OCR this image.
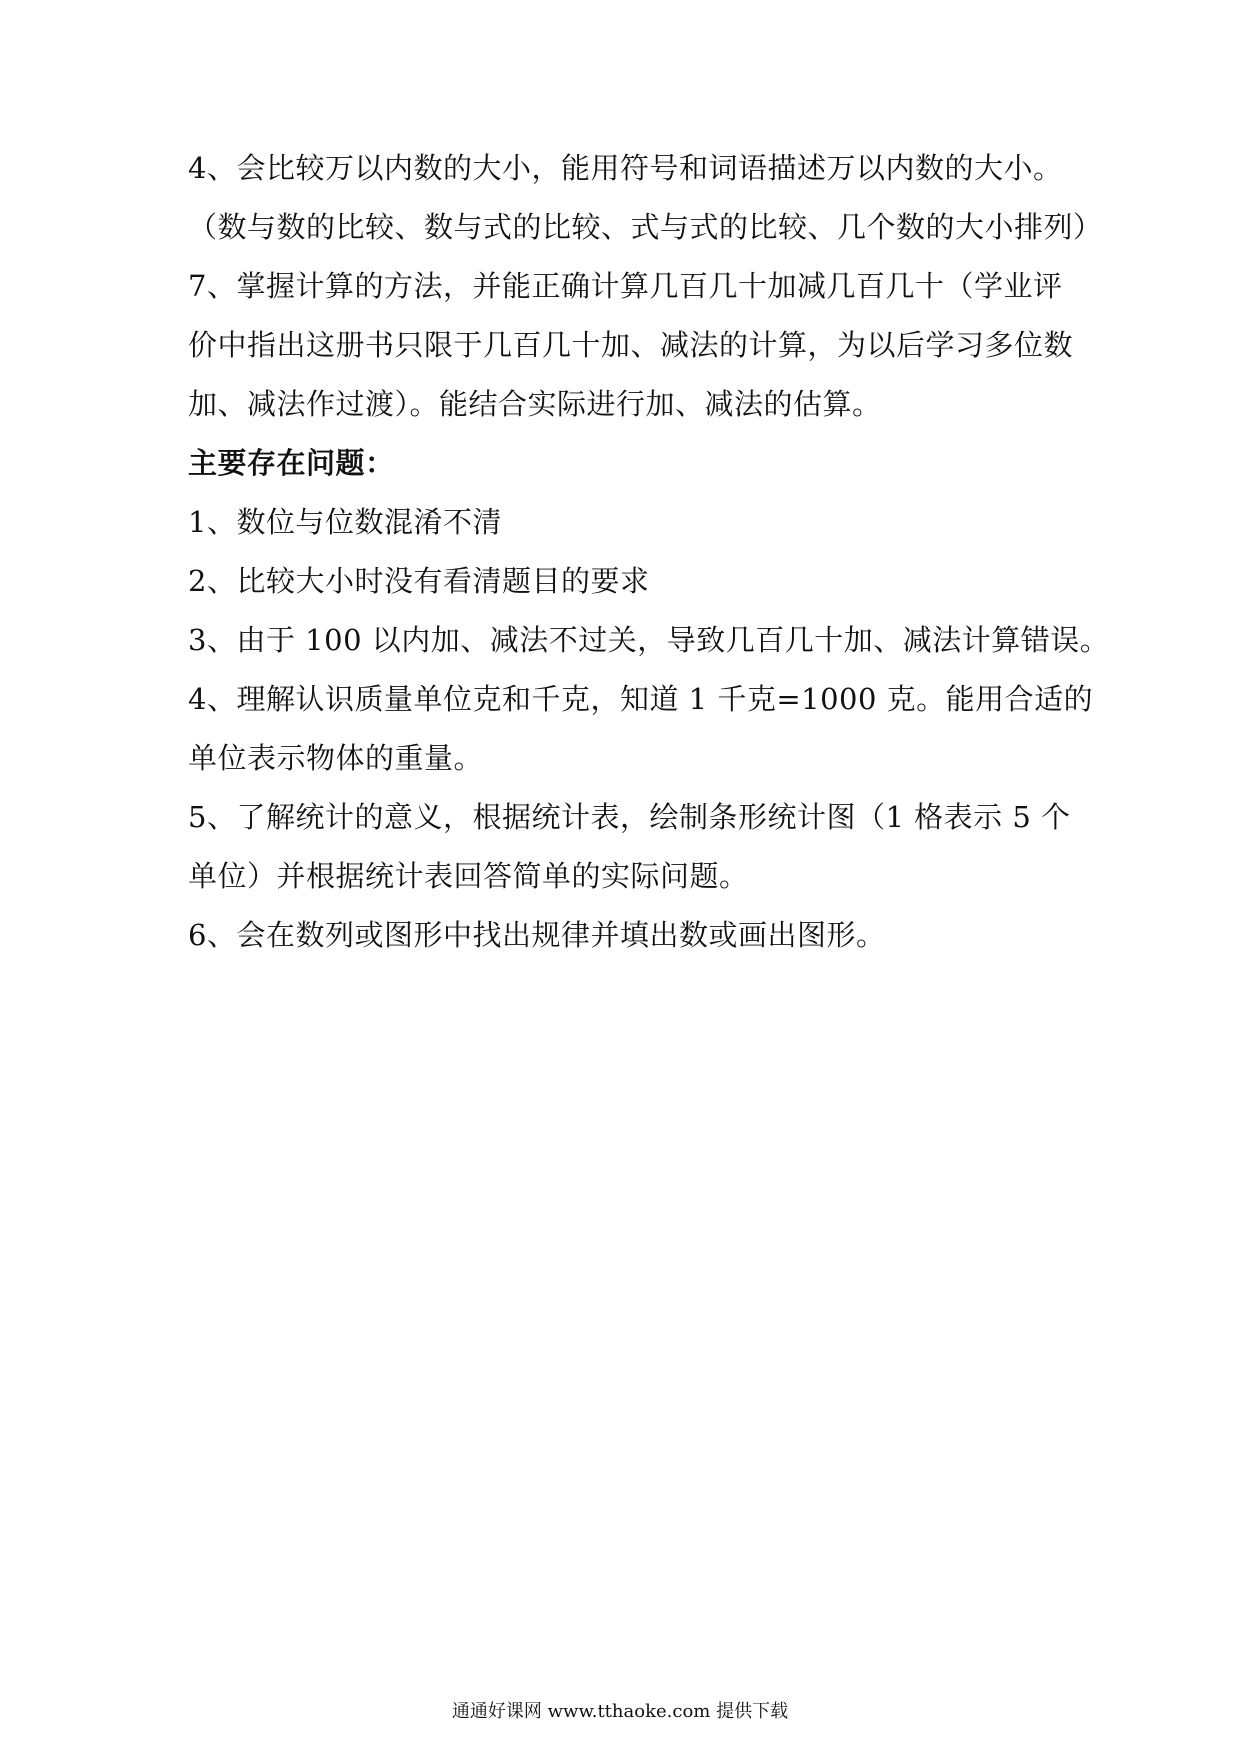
4、会比较万以内数的大小，能用符号和词语描述万以内数的大小。
（数与数的比较、数与式的比较、式与式的比较、几个数的大小排列）
7、掌握计算的方法，并能正确计算几百几十加减几百几十（学业评
价中指出这册书只限于几百几十加、减法的计算，为以后学习多位数
加、减法作过渡）。能结合实际进行加、减法的估算。
主要存在问题：
1、数位与位数混淆不清
2、比较大小时没有看清题目的要求
3、由于 100 以内加、减法不过关，导致几百几十加、减法计算错误。
4、理解认识质量单位克和千克，知道 1 千克=1000 克。能用合适的
单位表示物体的重量。
5、了解统计的意义，根据统计表，绘制条形统计图（1 格表示 5 个
单位）并根据统计表回答简单的实际问题。
6、会在数列或图形中找出规律并填出数或画出图形。
通通好课网 www.tthaoke.com 提供下载
